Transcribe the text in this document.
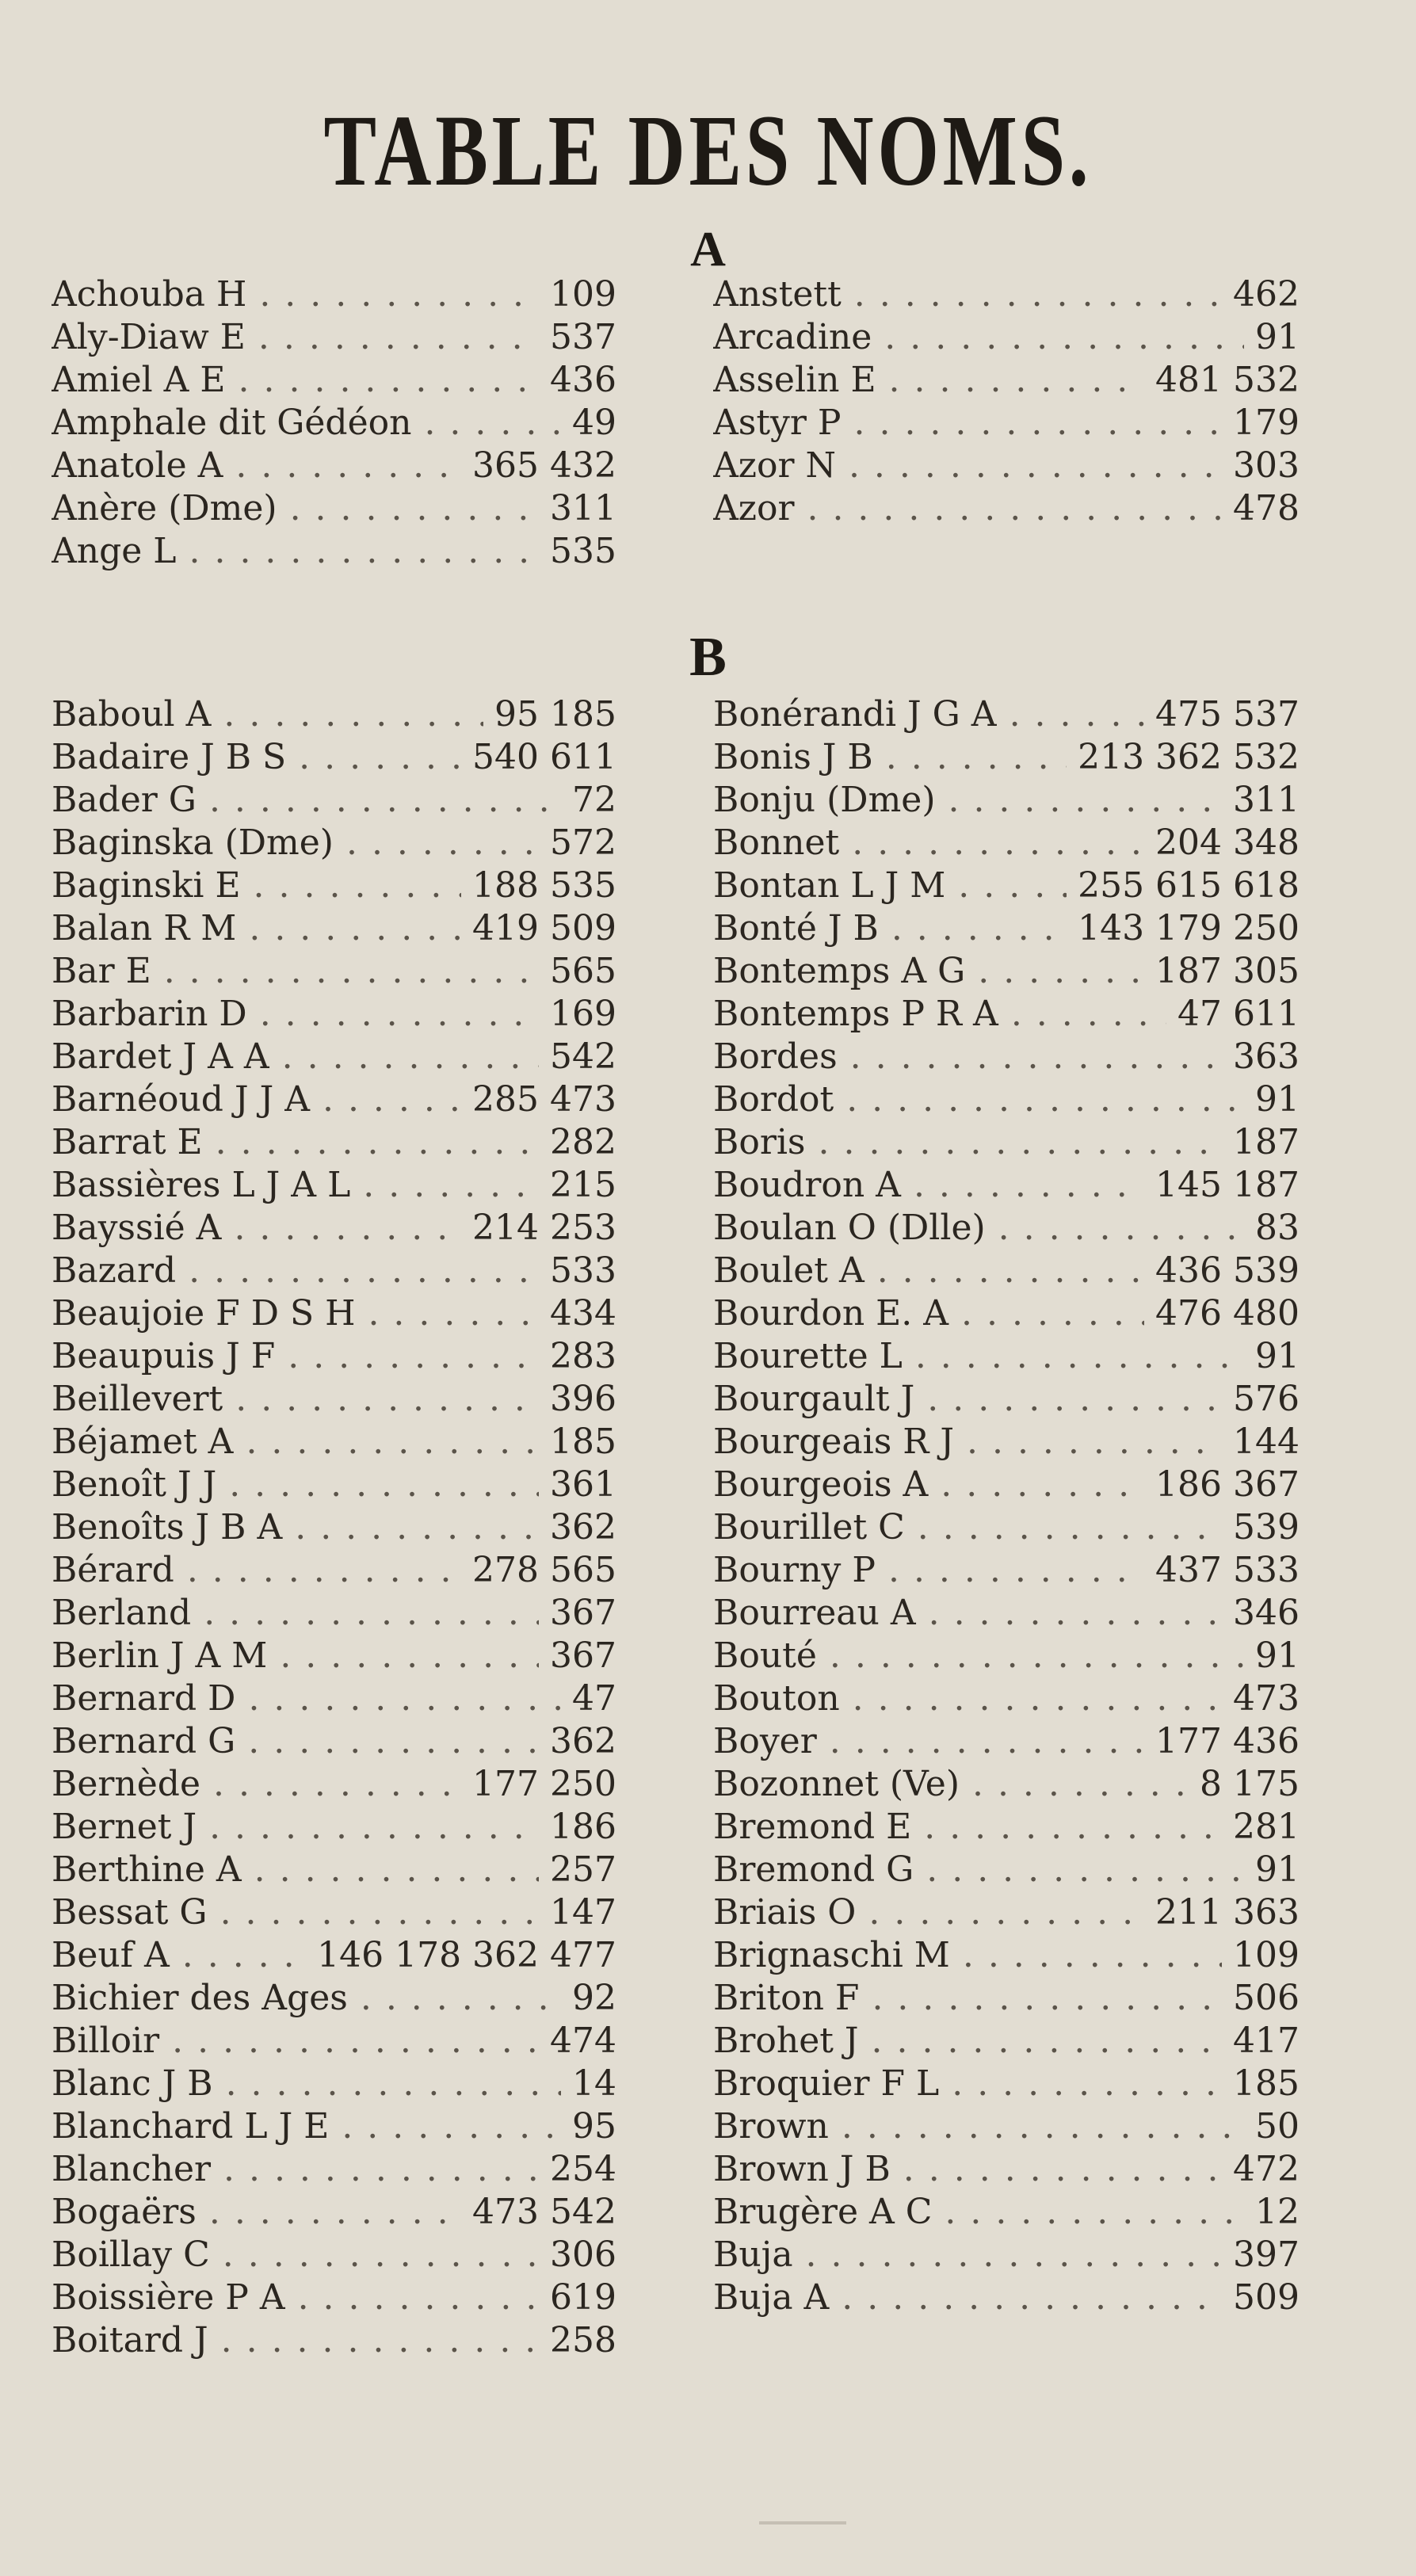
TABLE DES NOMS.
A
Achouba H . . .	109
Aly-Diaw E . . .	537
Amiel A E . . .	436
Amphale dit Gédéon . . .	49
Anatole A . . .	365 432
Anère (Dme) . . .	311
Ange L . . .	535
Anstett . . .	462
Arcadine . . .	91
Asselin E . . .	481 532
Astyr P . . .	179
Azor N . . .	303
Azor . . .	478
B
Baboul A . . .	95 185
Badaire J B S . . .	540 611
Bader G . . .	72
Baginska (Dme) . . .	572
Baginski E . . .	188 535
Balan R M . . .	419 509
Bar E . . .	565
Barbarin D . . .	169
Bardet J A A . . .	542
Barnéoud J J A . . .	285 473
Barrat E . . .	282
Bassières L J A L . . .	215
Bayssié A . . .	214 253
Bazard . . .	533
Beaujoie F D S H . . .	434
Beaupuis J F . . .	283
Beillevert . . .	396
Béjamet A . . .	185
Benoît J J . . .	361
Benoîts J B A . . .	362
Bérard . . .	278 565
Berland . . .	367
Berlin J A M . . .	367
Bernard D . . .	47
Bernard G . . .	362
Bernède . . .	177 250
Bernet J . . .	186
Berthine A . . .	257
Bessat G . . .	147
Beuf A . . .	146 178 362 477
Bichier des Ages . . .	92
Billoir . . .	474
Blanc J B . . .	14
Blanchard L J E . . .	95
Blancher . . .	254
Bogaërs . . .	473 542
Boillay C . . .	306
Boissière P A . . .	619
Boitard J . . .	258
Bonérandi J G A . . .	475 537
Bonis J B . . .	213 362 532
Bonju (Dme) . . .	311
Bonnet . . .	204 348
Bontan L J M . . .	255 615 618
Bonté J B . . .	143 179 250
Bontemps A G . . .	187 305
Bontemps P R A . . .	47 611
Bordes . . .	363
Bordot . . .	91
Boris . . .	187
Boudron A . . .	145 187
Boulan O (Dlle) . . .	83
Boulet A . . .	436 539
Bourdon E. A . . .	476 480
Bourette L . . .	91
Bourgault J . . .	576
Bourgeais R J . . .	144
Bourgeois A . . .	186 367
Bourillet C . . .	539
Bourny P . . .	437 533
Bourreau A . . .	346
Bouté . . .	91
Bouton . . .	473
Boyer . . .	177 436
Bozonnet (Ve) . . .	8 175
Bremond E . . .	281
Bremond G . . .	91
Briais O . . .	211 363
Brignaschi M . . .	109
Briton F . . .	506
Brohet J . . .	417
Broquier F L . . .	185
Brown . . .	50
Brown J B . . .	472
Brugère A C . . .	12
Buja . . .	397
Buja A . . .	509
